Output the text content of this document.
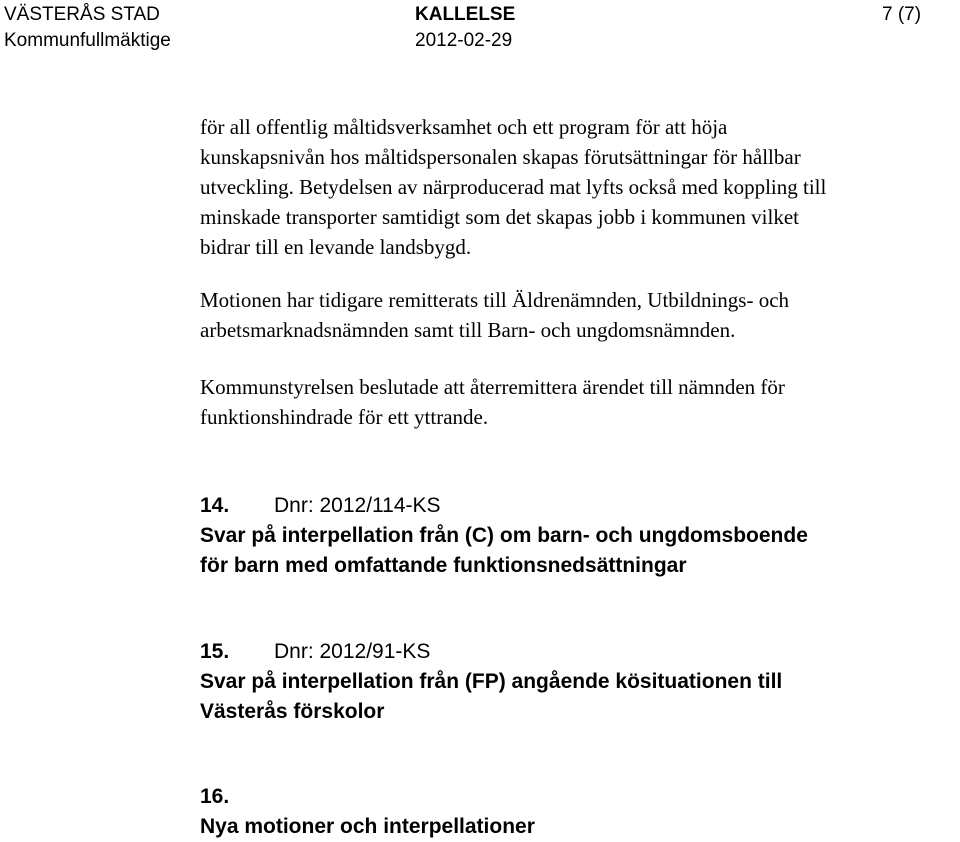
VÄSTERÅS STAD
Kommunfullmäktige
KALLELSE
2012-02-29
7 (7)

för all offentlig måltidsverksamhet och ett program för att höja

kunskapsnivån hos måltidspersonalen skapas förutsättningar för hållbar

utveckling. Betydelsen av närproducerad mat lyfts också med koppling till

minskade transporter samtidigt som det skapas jobb i kommunen vilket

bidrar till en levande landsbygd.

Motionen har tidigare remitterats till Äldrenämnden, Utbildnings- och

arbetsmarknadsnämnden samt till Barn- och ungdomsnämnden.

Kommunstyrelsen beslutade att återremittera ärendet till nämnden för

funktionshindrade för ett yttrande.

14. Dnr: 2012/114-KS
Svar på interpellation från (C) om barn- och ungdomsboende
för barn med omfattande funktionsnedsättningar
15. Dnr: 2012/91-KS
Svar på interpellation från (FP) angående kösituationen till
Västerås förskolor
16.
Nya motioner och interpellationer
